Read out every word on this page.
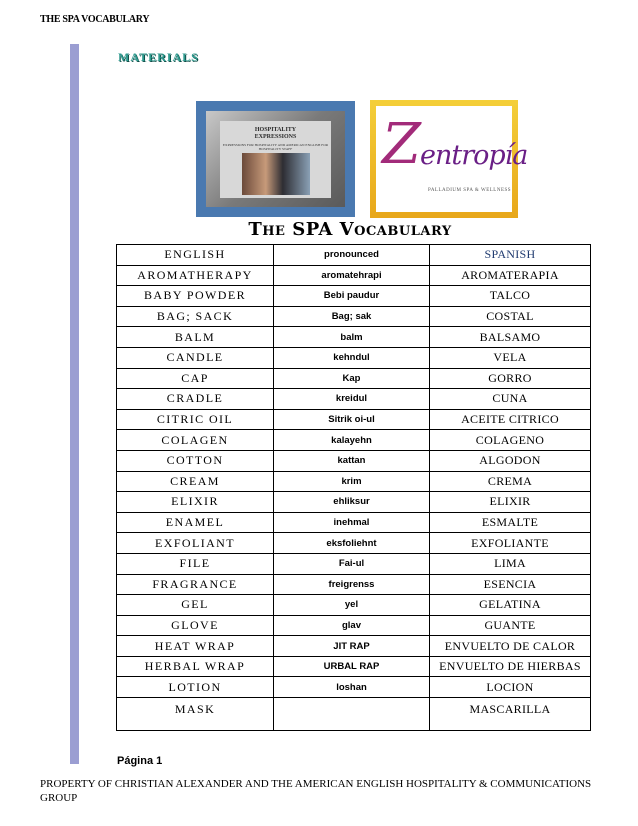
THE SPA VOCABULARY
MATERIALS
HOSPITALITY
EXPRESSIONS
EXPRESSIONS FOR HOSPITALITY AND AMERICAN ENGLISH FOR HOSPITALITY STAFF	Z entropía
PALLADIUM SPA & WELLNESS
The SPA Vocabulary
ENGLISH	pronounced	SPANISH
AROMATHERAPY	aromatehrapi	AROMATERAPIA
BABY POWDER	Bebi paudur	TALCO
BAG; SACK	Bag; sak	COSTAL
BALM	balm	BALSAMO
CANDLE	kehndul	VELA
CAP	Kap	GORRO
CRADLE	kreidul	CUNA
CITRIC OIL	Sitrik oi-ul	ACEITE CITRICO
COLAGEN	kalayehn	COLAGENO
COTTON	kattan	ALGODON
CREAM	krim	CREMA
ELIXIR	ehliksur	ELIXIR
ENAMEL	inehmal	ESMALTE
EXFOLIANT	eksfoliehnt	EXFOLIANTE
FILE	Fai-ul	LIMA
FRAGRANCE	freigrenss	ESENCIA
GEL	yel	GELATINA
GLOVE	glav	GUANTE
HEAT WRAP	JIT RAP	ENVUELTO DE CALOR
HERBAL WRAP	URBAL RAP	ENVUELTO DE HIERBAS
LOTION	loshan	LOCION
MASK		MASCARILLA
Página 1
PROPERTY OF CHRISTIAN ALEXANDER AND THE AMERICAN ENGLISH HOSPITALITY & COMMUNICATIONS GROUP
